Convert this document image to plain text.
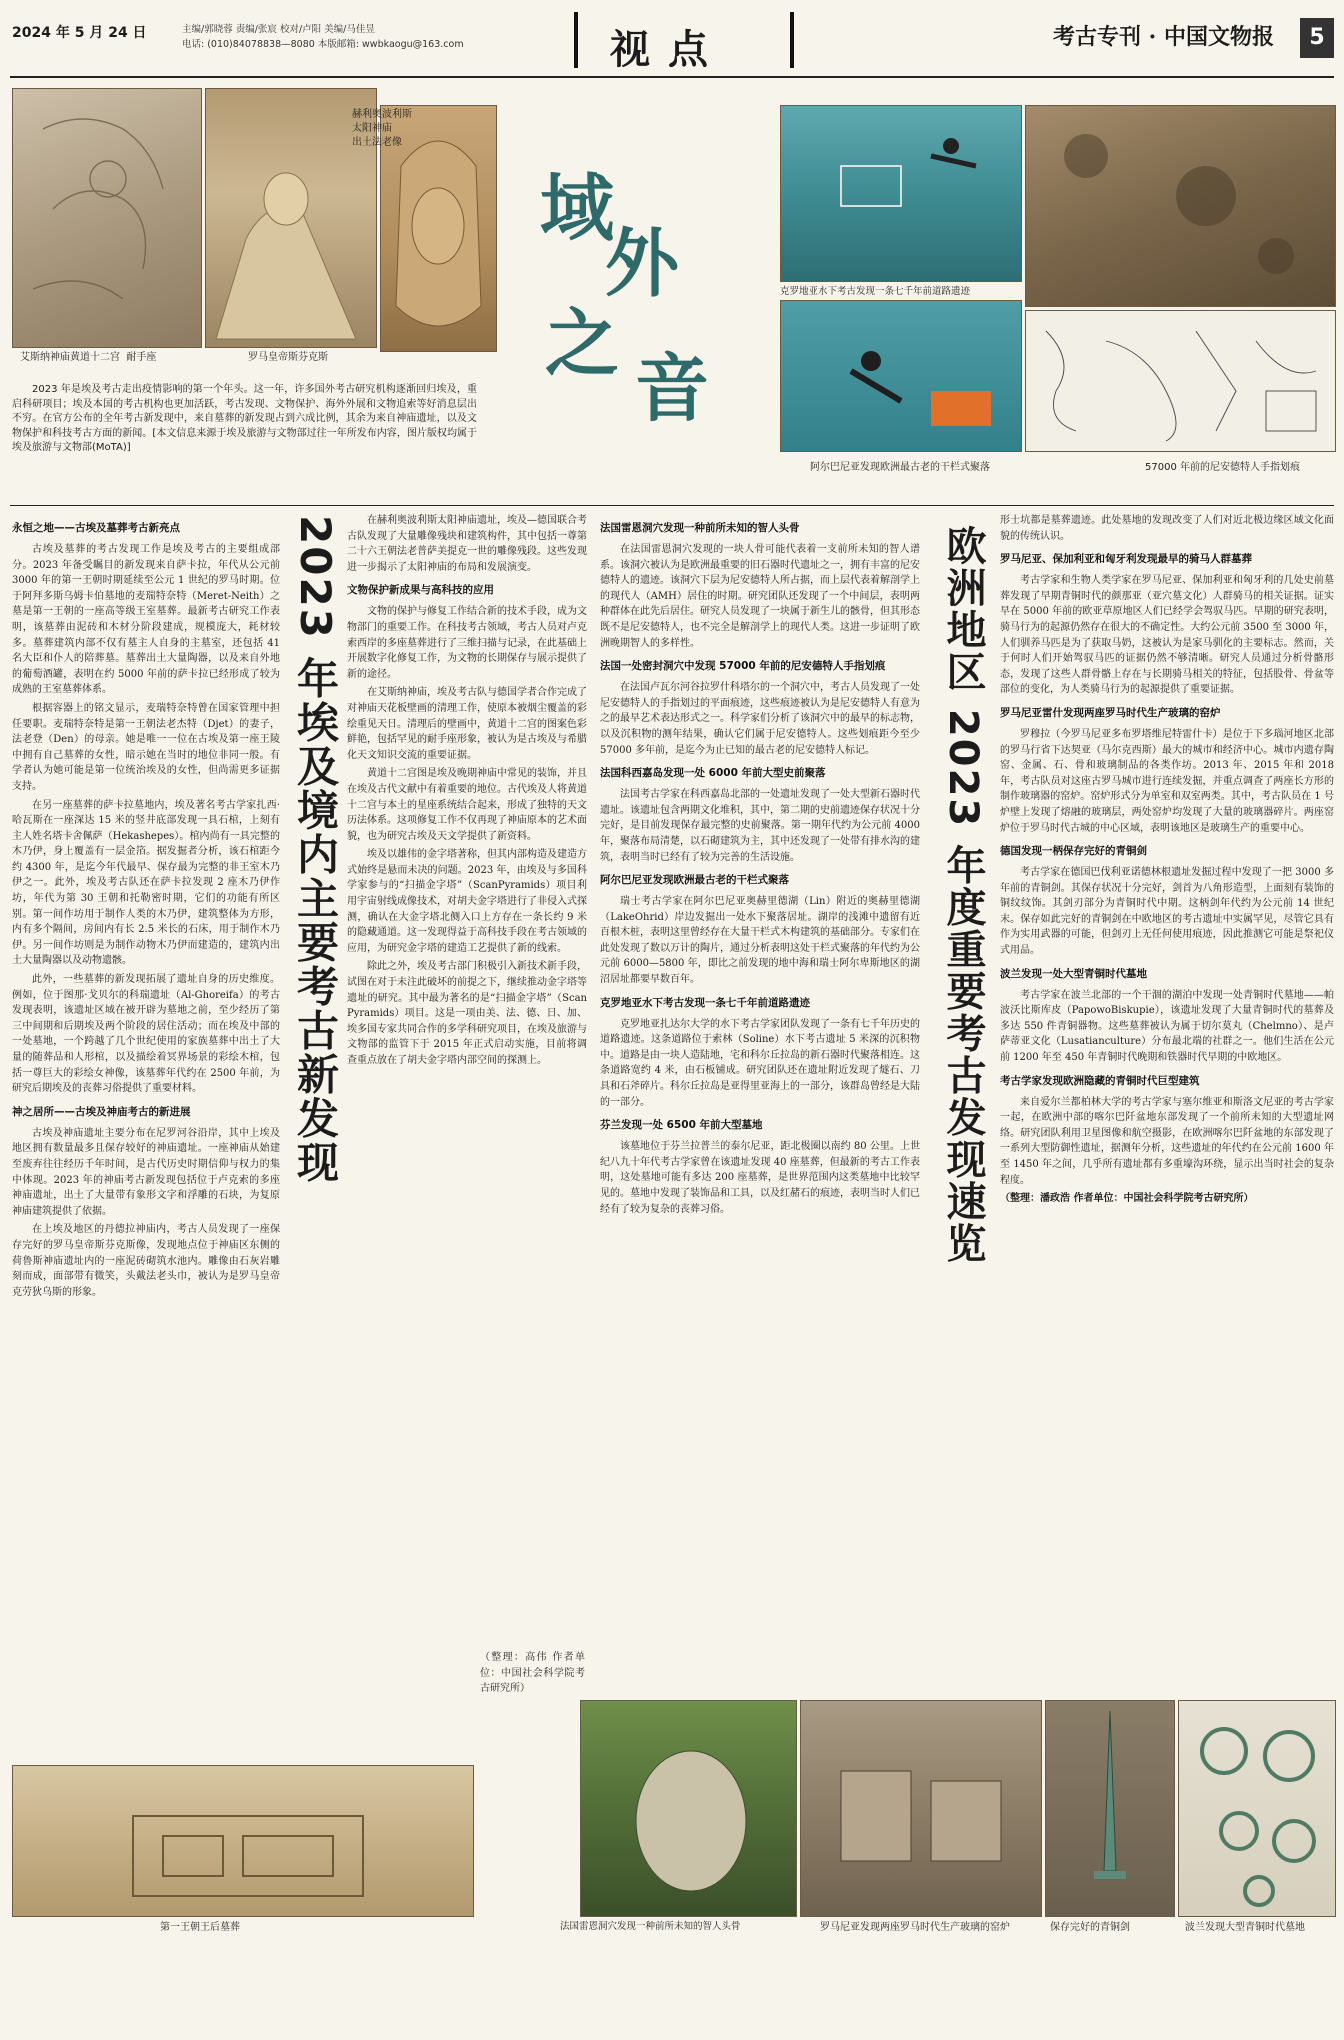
2024 年 5 月 24 日	主编/郭晓蓉 责编/张宸 校对/卢阳 美编/马佳昱
电话: (010)84078838—8080 本版邮箱: wwbkaogu@163.com	视点	考古专刊 · 中国文物报	5
艾斯纳神庙黄道十二宫 耐手座	罗马皇帝斯芬克斯
赫利奥波利斯
太阳神庙
出土法老像
域
外
之
音
克罗地亚水下考古发现一条七千年前道路遗迹
阿尔巴尼亚发现欧洲最古老的干栏式聚落	57000 年前的尼安德特人手指划痕

2023 年是埃及考古走出疫情影响的第一个年头。这一年，许多国外考古研究机构逐渐回归埃及，重启科研项目；埃及本国的考古机构也更加活跃，考古发现、文物保护、海外外展和文物追索等好消息层出不穷。在官方公布的全年考古新发现中，来自墓葬的新发现占到六成比例，其余为来自神庙遗址，以及文物保护和科技考古方面的新闻。[本文信息来源于埃及旅游与文物部过往一年所发布内容，图片版权均属于埃及旅游与文物部(MoTA)]

永恒之地——古埃及墓葬考古新亮点

古埃及墓葬的考古发现工作是埃及考古的主要组成部分。2023 年备受瞩目的新发现来自萨卡拉，年代从公元前 3000 年的第一王朝时期延续至公元 1 世纪的罗马时期。位于阿拜多斯乌姆卡伯墓地的麦瑞特奈特（Meret-Neith）之墓是第一王朝的一座高等级王室墓葬。最新考古研究工作表明，该墓葬由泥砖和木材分阶段建成，规模庞大，耗材较多。墓葬建筑内部不仅有墓主人自身的主墓室，还包括 41 名大臣和仆人的陪葬墓。墓葬出土大量陶器，以及来自外地的葡萄酒罐，表明在约 5000 年前的萨卡拉已经形成了较为成熟的王室墓葬体系。

根据容器上的铭文显示，麦瑞特奈特曾在国家管理中担任要职。麦瑞特奈特是第一王朝法老杰特（Djet）的妻子，法老登（Den）的母亲。她是唯一一位在古埃及第一座王陵中拥有自己墓葬的女性，暗示她在当时的地位非同一般。有学者认为她可能是第一位统治埃及的女性，但尚需更多证据支持。

在另一座墓葬的萨卡拉墓地内，埃及著名考古学家扎西·哈瓦斯在一座深达 15 米的竖井底部发现一具石棺，上刻有主人姓名塔卡舍佩萨（Hekashepes）。棺内尚有一具完整的木乃伊，身上覆盖有一层金箔。据发掘者分析，该石棺距今约 4300 年，是迄今年代最早、保存最为完整的非王室木乃伊之一。此外，埃及考古队还在萨卡拉发现 2 座木乃伊作坊，年代为第 30 王朝和托勒密时期，它们的功能有所区别。第一间作坊用于制作人类的木乃伊，建筑整体为方形，内有多个隔间，房间内有长 2.5 米长的石床，用于制作木乃伊。另一间作坊则是为制作动物木乃伊而建造的，建筑内出土大量陶器以及动物遗骸。

此外，一些墓葬的新发现拓展了遗址自身的历史维度。例如，位于图那·戈贝尔的科瑞遗址（Al-Ghoreifa）的考古发现表明，该遗址区域在被开辟为墓地之前，至少经历了第三中间期和后期埃及两个阶段的居住活动；而在埃及中部的一处墓地，一个跨越了几个世纪使用的家族墓葬中出土了大量的随葬品和人形棺，以及描绘着冥界场景的彩绘木棺，包括一尊巨大的彩绘女神像，该墓葬年代约在 2500 年前，为研究后期埃及的丧葬习俗提供了重要材料。

神之居所——古埃及神庙考古的新进展

古埃及神庙遗址主要分布在尼罗河谷沿岸，其中上埃及地区拥有数量最多且保存较好的神庙遗址。一座神庙从始建至废弃往往经历千年时间，是古代历史时期信仰与权力的集中体现。2023 年的神庙考古新发现包括位于卢克索的多座神庙遗址，出土了大量带有象形文字和浮雕的石块，为复原神庙建筑提供了依据。

在上埃及地区的丹德拉神庙内，考古人员发现了一座保存完好的罗马皇帝斯芬克斯像，发现地点位于神庙区东侧的荷鲁斯神庙遗址内的一座泥砖砌筑水池内。雕像由石灰岩雕刻而成，面部带有微笑，头戴法老头巾，被认为是罗马皇帝克劳狄乌斯的形象。

2023 年埃及境内主要考古新发现	在赫利奥波利斯太阳神庙遗址，埃及—德国联合考古队发现了大量雕像残块和建筑构件，其中包括一尊第二十六王朝法老普萨美提克一世的雕像残段。这些发现进一步揭示了太阳神庙的布局和发展演变。

文物保护新成果与高科技的应用

文物的保护与修复工作结合新的技术手段，成为文物部门的重要工作。在科技考古领域，考古人员对卢克索西岸的多座墓葬进行了三维扫描与记录，在此基础上开展数字化修复工作，为文物的长期保存与展示提供了新的途径。

在艾斯纳神庙，埃及考古队与德国学者合作完成了对神庙天花板壁画的清理工作，使原本被烟尘覆盖的彩绘重见天日。清理后的壁画中，黄道十二宫的图案色彩鲜艳，包括罕见的耐手座形象，被认为是古埃及与希腊化天文知识交流的重要证据。

黄道十二宫图是埃及晚期神庙中常见的装饰，并且在埃及古代文献中有着重要的地位。古代埃及人将黄道十二宫与本土的星座系统结合起来，形成了独特的天文历法体系。这项修复工作不仅再现了神庙原本的艺术面貌，也为研究古埃及天文学提供了新资料。

埃及以雄伟的金字塔著称，但其内部构造及建造方式始终是悬而未决的问题。2023 年，由埃及与多国科学家参与的“扫描金字塔”（ScanPyramids）项目利用宇宙射线成像技术，对胡夫金字塔进行了非侵入式探测，确认在大金字塔北侧入口上方存在一条长约 9 米的隐藏通道。这一发现得益于高科技手段在考古领域的应用，为研究金字塔的建造工艺提供了新的线索。

除此之外，埃及考古部门积极引入新技术新手段，试图在对于未注此破坏的前提之下，继续推动金字塔等遗址的研究。其中最为著名的是“扫描金字塔”（Scan Pyramids）项目。这是一项由美、法、德、日、加、埃多国专家共同合作的多学科研究项目，在埃及旅游与文物部的监管下于 2015 年正式启动实施，目前将调查重点放在了胡夫金字塔内部空间的探测上。

（整理：高伟 作者单位：中国社会科学院考古研究所）

第一王朝王后墓葬
法国雷恩洞穴发现一种前所未知的智人头骨

在法国雷恩洞穴发现的一块人骨可能代表着一支前所未知的智人谱系。该洞穴被认为是欧洲最重要的旧石器时代遗址之一，拥有丰富的尼安德特人的遗迹。该洞穴下层为尼安德特人所占据，而上层代表着解剖学上的现代人（AMH）居住的时期。研究团队还发现了一个中间层，表明两种群体在此先后居住。研究人员发现了一块属于新生儿的骸骨，但其形态既不是尼安德特人，也不完全是解剖学上的现代人类。这进一步证明了欧洲晚期智人的多样性。

法国一处密封洞穴中发现 57000 年前的尼安德特人手指划痕

在法国卢瓦尔河谷拉罗什科塔尔的一个洞穴中，考古人员发现了一处尼安德特人的手指划过的平面痕迹，这些痕迹被认为是尼安德特人有意为之的最早艺术表达形式之一。科学家们分析了该洞穴中的最早的标志物，以及沉积物的测年结果，确认它们属于尼安德特人。这些划痕距今至少 57000 多年前，是迄今为止已知的最古老的尼安德特人标记。

法国科西嘉岛发现一处 6000 年前大型史前聚落

法国考古学家在科西嘉岛北部的一处遗址发现了一处大型新石器时代遗址。该遗址包含两期文化堆积，其中，第二期的史前遗迹保存状况十分完好，是目前发现保存最完整的史前聚落。第一期年代约为公元前 4000 年，聚落布局清楚，以石砌建筑为主，其中还发现了一处带有排水沟的建筑，表明当时已经有了较为完善的生活设施。

阿尔巴尼亚发现欧洲最古老的干栏式聚落

瑞士考古学家在阿尔巴尼亚奥赫里德湖（Lin）附近的奥赫里德湖（LakeOhrid）岸边发掘出一处水下聚落居址。湖岸的浅滩中遗留有近百根木桩，表明这里曾经存在大量干栏式木构建筑的基础部分。专家们在此处发现了数以万计的陶片，通过分析表明这处干栏式聚落的年代约为公元前 6000—5800 年，即比之前发现的地中海和瑞士阿尔卑斯地区的湖沼居址都要早数百年。

克罗地亚水下考古发现一条七千年前道路遗迹

克罗地亚扎达尔大学的水下考古学家团队发现了一条有七千年历史的道路遗迹。这条道路位于索林（Soline）水下考古遗址 5 米深的沉积物中。道路是由一块人造陆地，宅和科尔丘拉岛的新石器时代聚落相连。这条道路宽约 4 米，由石板铺成。研究团队还在遗址附近发现了燧石、刀具和石斧碎片。科尔丘拉岛是亚得里亚海上的一部分，该群岛曾经是大陆的一部分。

芬兰发现一处 6500 年前大型墓地

该墓地位于芬兰拉普兰的泰尔尼亚，距北极圈以南约 80 公里。上世纪八九十年代考古学家曾在该遗址发现 40 座墓葬，但最新的考古工作表明，这处墓地可能有多达 200 座墓葬，是世界范围内这类墓地中比较罕见的。墓地中发现了装饰品和工具，以及红赭石的痕迹，表明当时人们已经有了较为复杂的丧葬习俗。	欧洲地区 2023 年度重要考古发现速览

形士坑都是墓葬遗迹。此处墓地的发现改变了人们对近北极边缘区域文化面貌的传统认识。

罗马尼亚、保加利亚和匈牙利发现最早的骑马人群墓葬

考古学家和生物人类学家在罗马尼亚、保加利亚和匈牙利的几处史前墓葬发现了早期青铜时代的颜那亚（亚穴墓文化）人群骑马的相关证据。证实早在 5000 年前的欧亚草原地区人们已经学会驾驭马匹。早期的研究表明，骑马行为的起源仍然存在很大的不确定性。大约公元前 3500 至 3000 年，人们驯养马匹是为了获取马奶，这被认为是家马驯化的主要标志。然而，关于何时人们开始驾驭马匹的证据仍然不够清晰。研究人员通过分析骨骼形态，发现了这些人群骨骼上存在与长期骑马相关的特征，包括股骨、骨盆等部位的变化，为人类骑马行为的起源提供了重要证据。

罗马尼亚雷什发现两座罗马时代生产玻璃的窑炉

罗穆拉（今罗马尼亚多布罗塔维尼特雷什卡）是位于下多瑙河地区北部的罗马行省下达契亚（马尔克西斯）最大的城市和经济中心。城市内遗存陶窑、金属、石、骨和玻璃制品的各类作坊。2013 年、2015 年和 2018 年，考古队员对这座古罗马城市进行连续发掘，并重点调查了两座长方形的制作玻璃器的窑炉。窑炉形式分为单室和双室两类。其中，考古队员在 1 号炉壁上发现了熔融的玻璃层，两处窑炉均发现了大量的玻璃器碎片。两座窑炉位于罗马时代古城的中心区域，表明该地区是玻璃生产的重要中心。

德国发现一柄保存完好的青铜剑

考古学家在德国巴伐利亚诺德林根遗址发掘过程中发现了一把 3000 多年前的青铜剑。其保存状况十分完好，剑首为八角形造型，上面刻有装饰的铜纹纹饰。其剑刃部分为青铜时代中期。这柄剑年代约为公元前 14 世纪末。保存如此完好的青铜剑在中欧地区的考古遗址中实属罕见，尽管它具有作为实用武器的可能，但剑刃上无任何使用痕迹，因此推测它可能是祭祀仪式用品。

波兰发现一处大型青铜时代墓地

考古学家在波兰北部的一个干涸的湖泊中发现一处青铜时代墓地——帕波沃比斯库皮（PapowoBiskupie），该遗址发现了大量青铜时代的墓葬及多达 550 件青铜器物。这些墓葬被认为属于切尔莫丸（Chelmno）、是卢萨蒂亚文化（Lusatianculture）分布最北端的社群之一。他们生活在公元前 1200 年至 450 年青铜时代晚期和铁器时代早期的中欧地区。

考古学家发现欧洲隐藏的青铜时代巨型建筑

来自爱尔兰都柏林大学的考古学家与塞尔维亚和斯洛文尼亚的考古学家一起，在欧洲中部的喀尔巴阡盆地东部发现了一个前所未知的大型遗址网络。研究团队利用卫星图像和航空摄影，在欧洲喀尔巴阡盆地的东部发现了一系列大型防御性遗址，据测年分析，这些遗址的年代约在公元前 1600 年至 1450 年之间，几乎所有遗址都有多重壕沟环绕，显示出当时社会的复杂程度。

（整理：潘政浩 作者单位：中国社会科学院考古研究所）

法国雷恩洞穴发现一种前所未知的智人头骨	罗马尼亚发现两座罗马时代生产玻璃的窑炉	保存完好的青铜剑	波兰发现大型青铜时代墓地
